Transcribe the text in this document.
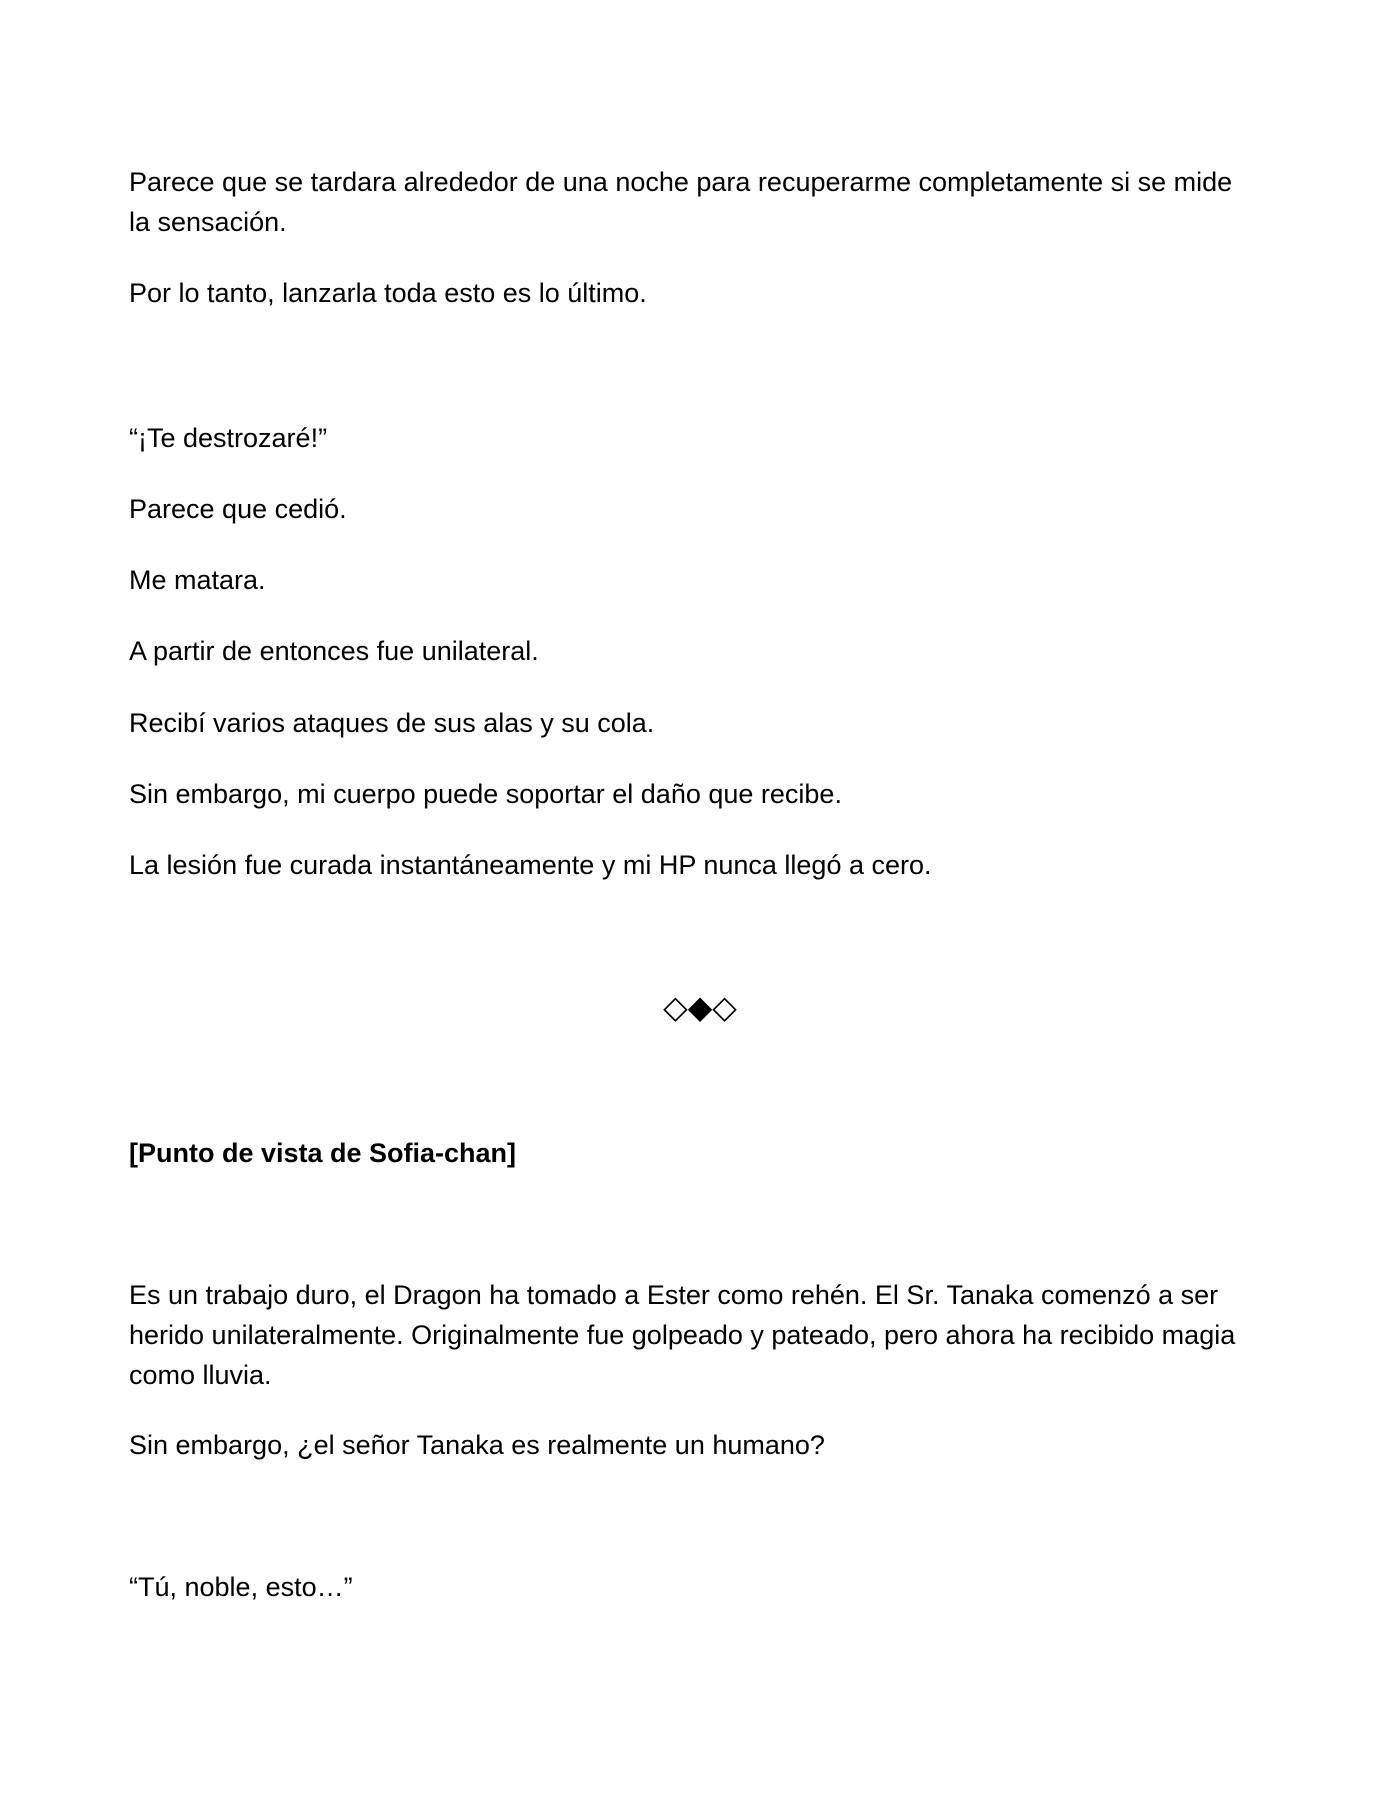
Parece que se tardara alrededor de una noche para recuperarme completamente si se mide la sensación.

Por lo tanto, lanzarla toda esto es lo último.

“¡Te destrozaré!”

Parece que cedió.

Me matara.

A partir de entonces fue unilateral.

Recibí varios ataques de sus alas y su cola.

Sin embargo, mi cuerpo puede soportar el daño que recibe.

La lesión fue curada instantáneamente y mi HP nunca llegó a cero.

◇◆◇

[Punto de vista de Sofia-chan]

Es un trabajo duro, el Dragon ha tomado a Ester como rehén. El Sr. Tanaka comenzó a ser herido unilateralmente. Originalmente fue golpeado y pateado, pero ahora ha recibido magia como lluvia.

Sin embargo, ¿el señor Tanaka es realmente un humano?

“Tú, noble, esto…”
